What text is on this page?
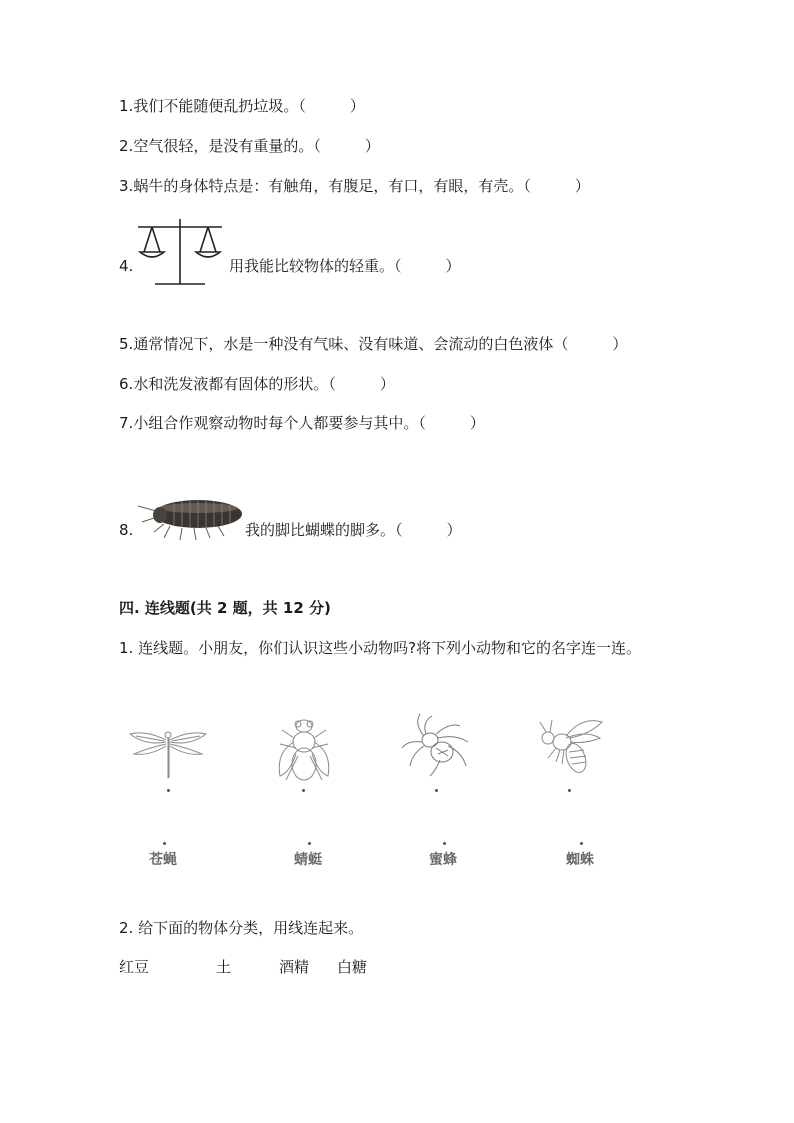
1.我们不能随便乱扔垃圾。（	）
2.空气很轻，是没有重量的。（	）
3.蜗牛的身体特点是：有触角，有腹足，有口，有眼，有壳。（	）
4.	用我能比较物体的轻重。（	）
5.通常情况下，水是一种没有气味、没有味道、会流动的白色液体（	）
6.水和洗发液都有固体的形状。（	）
7.小组合作观察动物时每个人都要参与其中。（	）
8.	我的脚比蝴蝶的脚多。（	）
四. 连线题(共 2 题，共 12 分)
1. 连线题。小朋友，你们认识这些小动物吗?将下列小动物和它的名字连一连。
苍蝇	蜻蜓	蜜蜂	蜘蛛
2. 给下面的物体分类，用线连起来。
红豆	土	酒精 白糖
